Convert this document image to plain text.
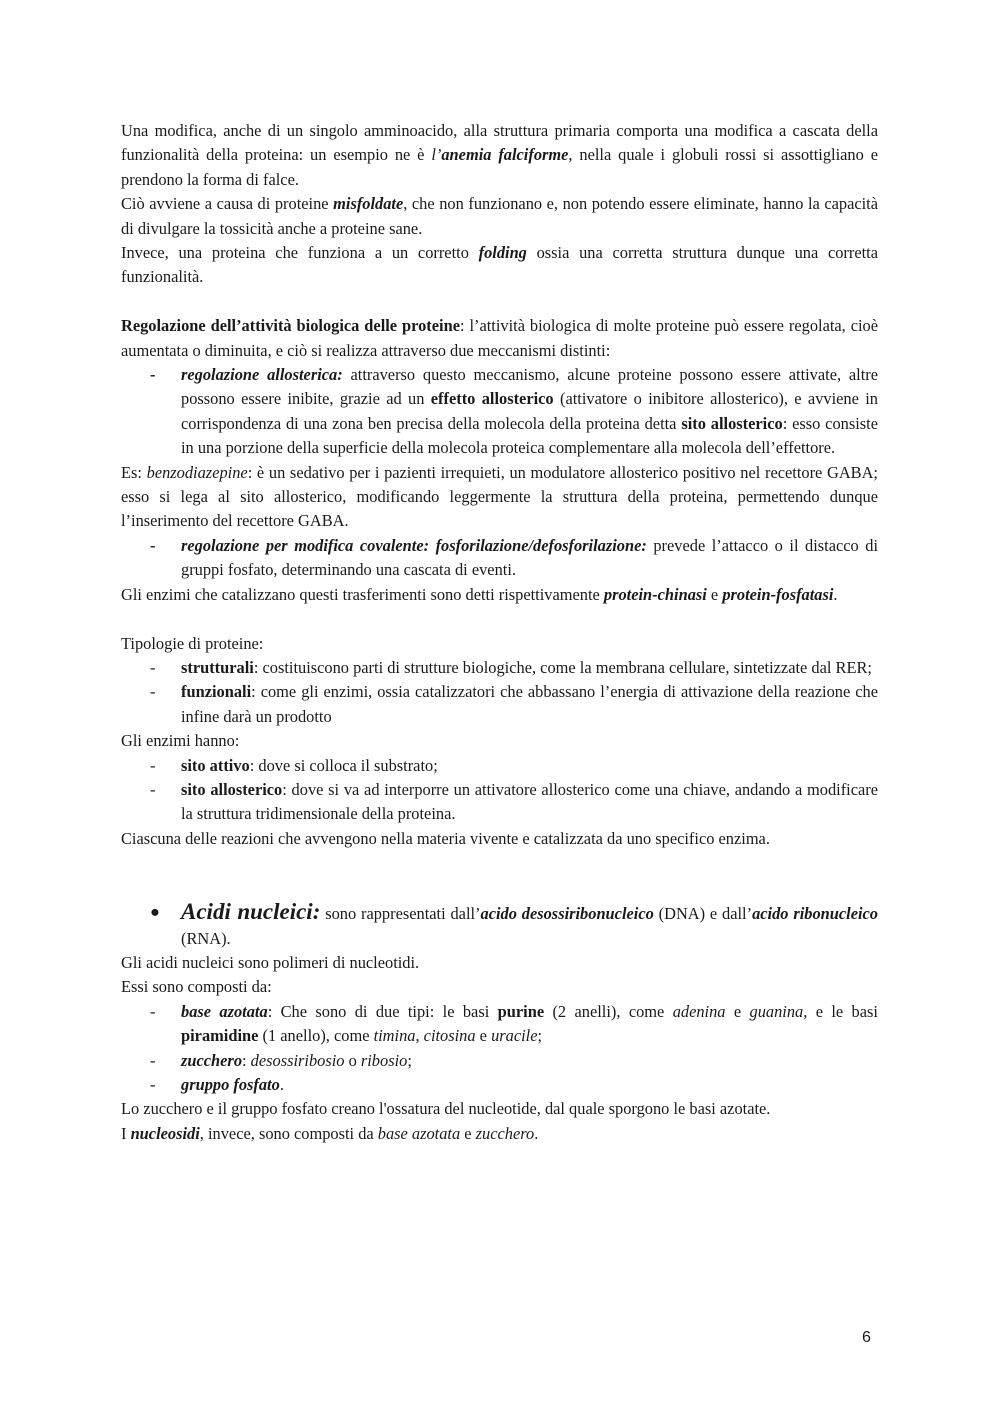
Una modifica, anche di un singolo amminoacido, alla struttura primaria comporta una modifica a cascata della funzionalità della proteina: un esempio ne è l’anemia falciforme, nella quale i globuli rossi si assottigliano e prendono la forma di falce.

Ciò avviene a causa di proteine misfoldate, che non funzionano e, non potendo essere eliminate, hanno la capacità di divulgare la tossicità anche a proteine sane.

Invece, una proteina che funziona a un corretto folding ossia una corretta struttura dunque una corretta funzionalità.

Regolazione dell’attività biologica delle proteine: l’attività biologica di molte proteine può essere regolata, cioè aumentata o diminuita, e ciò si realizza attraverso due meccanismi distinti:

- regolazione allosterica: attraverso questo meccanismo, alcune proteine possono essere attivate, altre possono essere inibite, grazie ad un effetto allosterico (attivatore o inibitore allosterico), e avviene in corrispondenza di una zona ben precisa della molecola della proteina detta sito allosterico: esso consiste in una porzione della superficie della molecola proteica complementare alla molecola dell’effettore.

Es: benzodiazepine: è un sedativo per i pazienti irrequieti, un modulatore allosterico positivo nel recettore GABA; esso si lega al sito allosterico, modificando leggermente la struttura della proteina, permettendo dunque l’inserimento del recettore GABA.

- regolazione per modifica covalente: fosforilazione/defosforilazione: prevede l’attacco o il distacco di gruppi fosfato, determinando una cascata di eventi.

Gli enzimi che catalizzano questi trasferimenti sono detti rispettivamente protein-chinasi e protein-fosfatasi.

Tipologie di proteine:

- strutturali: costituiscono parti di strutture biologiche, come la membrana cellulare, sintetizzate dal RER;
- funzionali: come gli enzimi, ossia catalizzatori che abbassano l’energia di attivazione della reazione che infine darà un prodotto

Gli enzimi hanno:

- sito attivo: dove si colloca il substrato;
- sito allosterico: dove si va ad interporre un attivatore allosterico come una chiave, andando a modificare la struttura tridimensionale della proteina.

Ciascuna delle reazioni che avvengono nella materia vivente e catalizzata da uno specifico enzima.

● Acidi nucleici: sono rappresentati dall’acido desossiribonucleico (DNA) e dall’acido ribonucleico (RNA).

Gli acidi nucleici sono polimeri di nucleotidi.

Essi sono composti da:

- base azotata: Che sono di due tipi: le basi purine (2 anelli), come adenina e guanina, e le basi piramidine (1 anello), come timina, citosina e uracile;
- zucchero: desossiribosio o ribosio;
- gruppo fosfato.

Lo zucchero e il gruppo fosfato creano l'ossatura del nucleotide, dal quale sporgono le basi azotate.

I nucleosidi, invece, sono composti da base azotata e zucchero.

6
